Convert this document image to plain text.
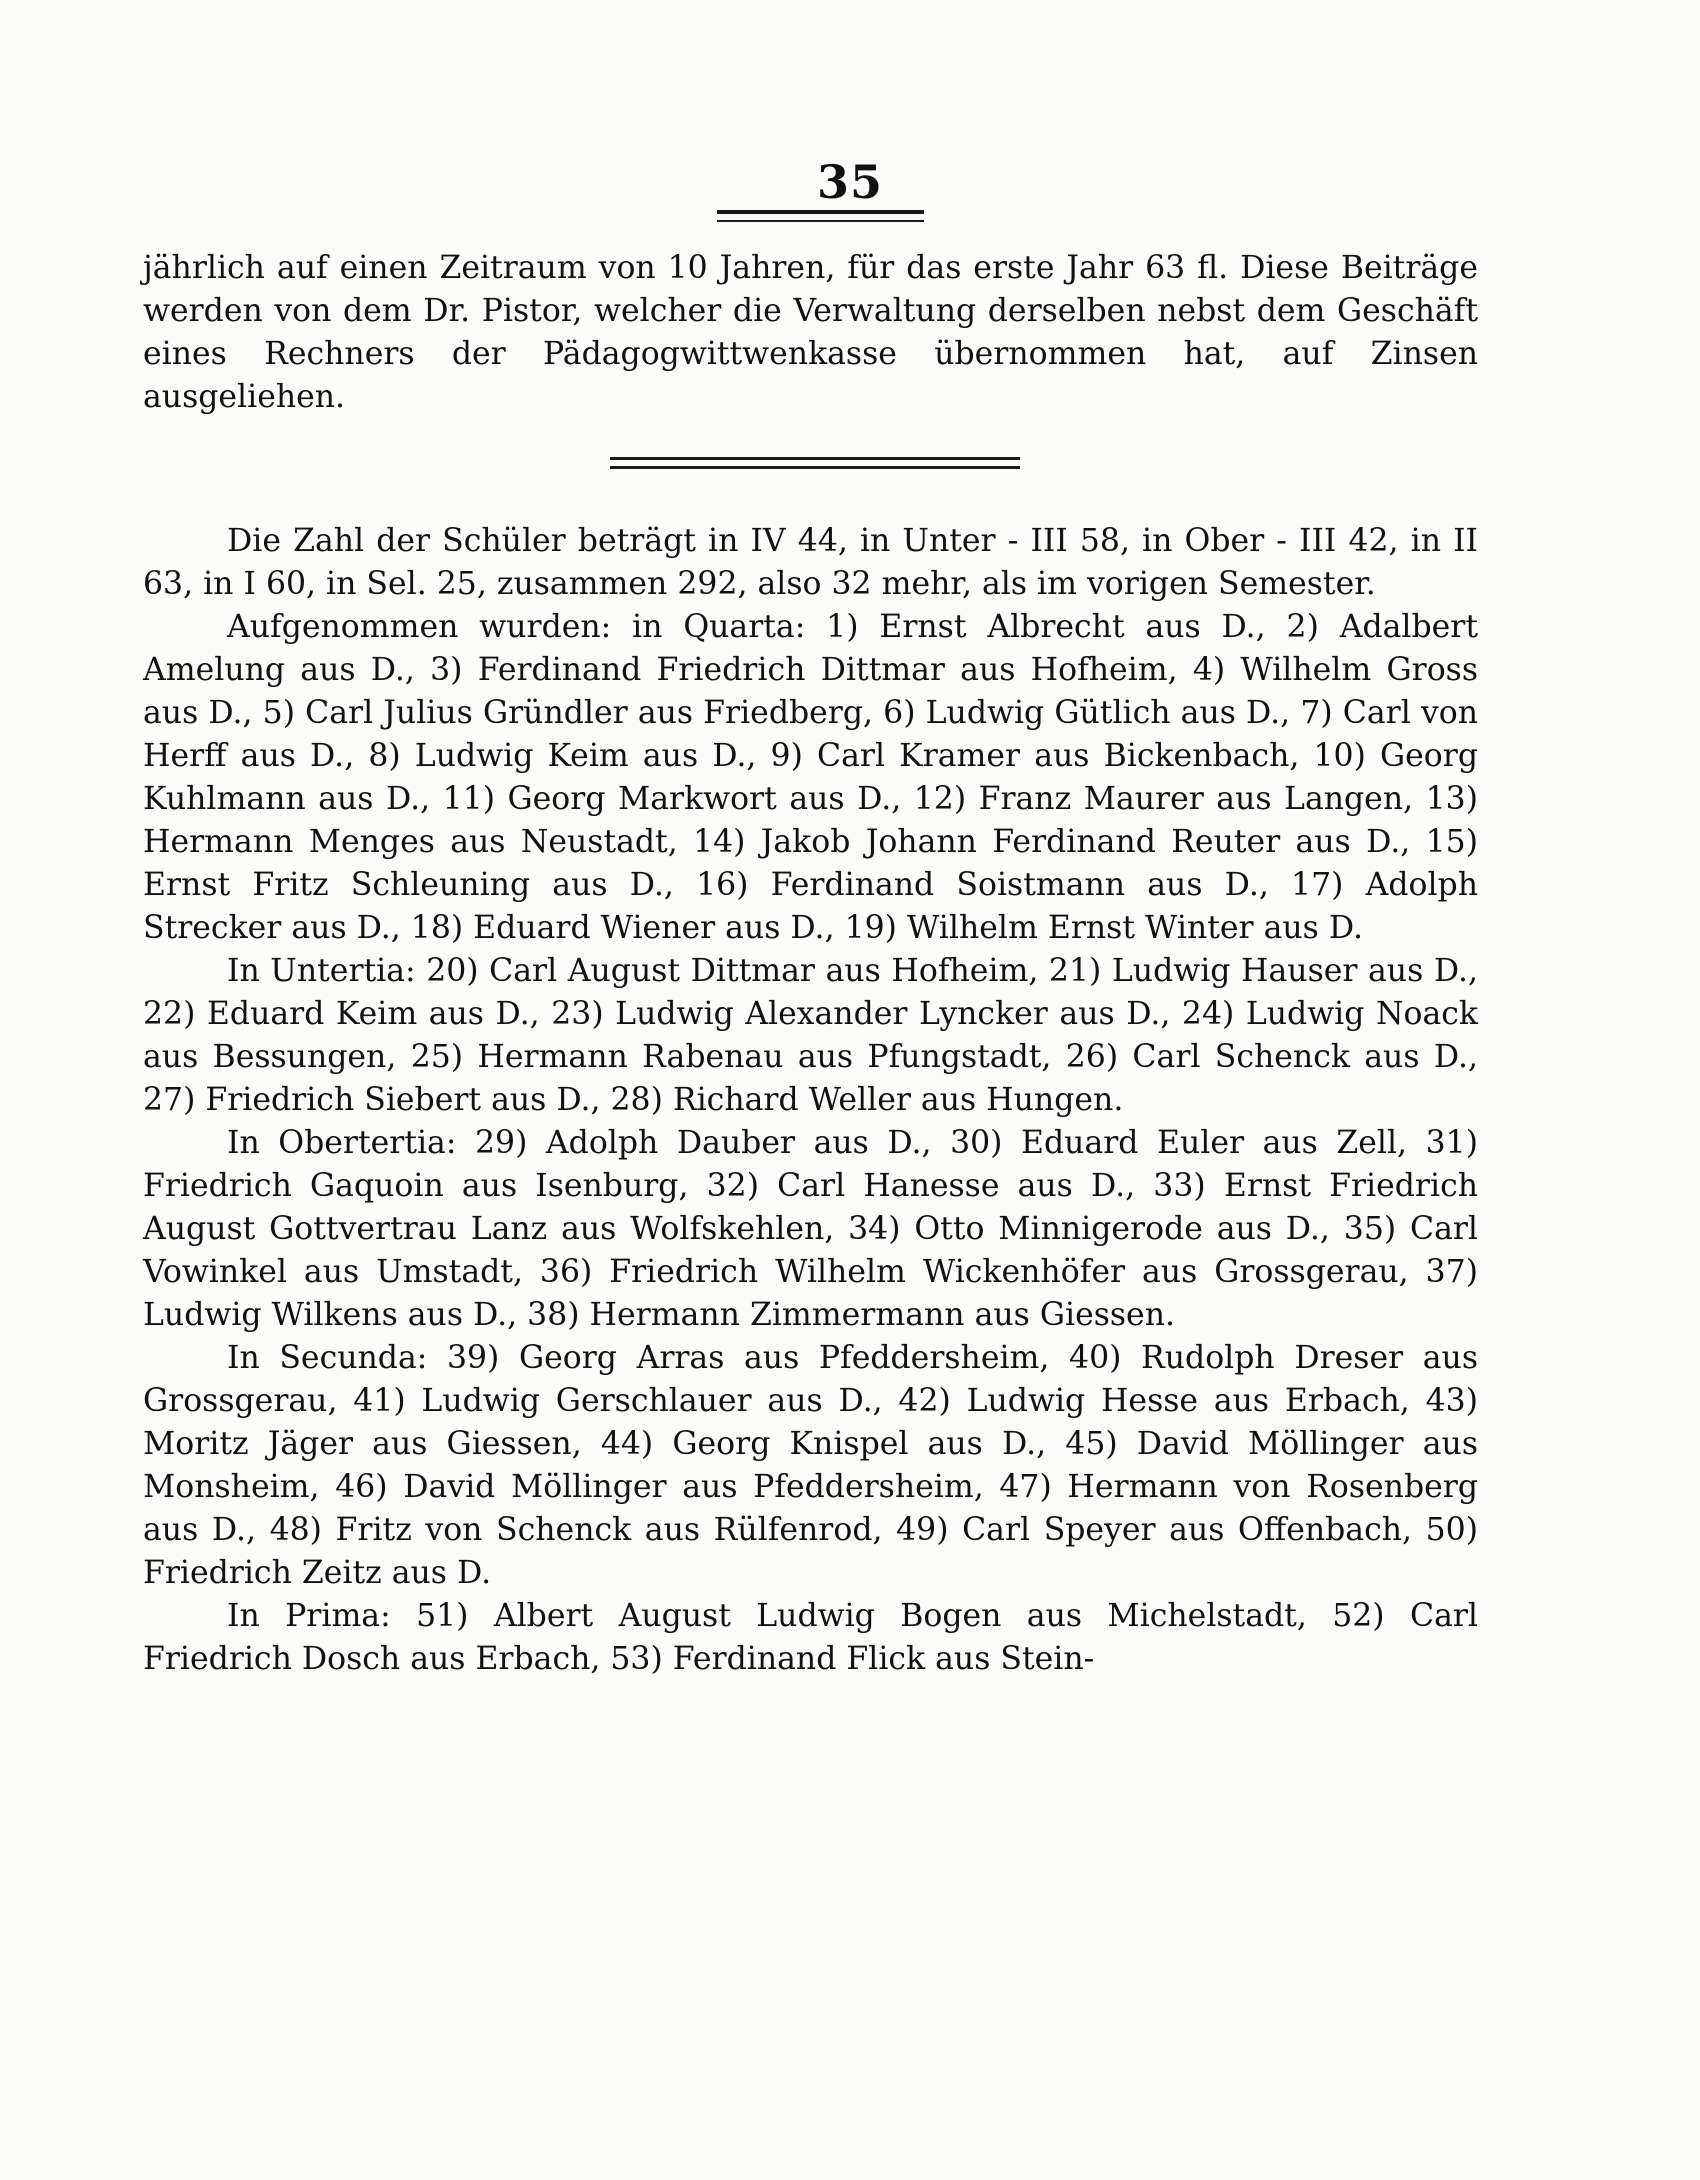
35

jährlich auf einen Zeitraum von 10 Jahren, für das erste Jahr 63 fl. Diese Beiträge werden von dem Dr. Pistor, welcher die Verwaltung derselben nebst dem Geschäft eines Rechners der Pädagogwittwenkasse übernommen hat, auf Zinsen ausgeliehen.

Die Zahl der Schüler beträgt in IV 44, in Unter - III 58, in Ober - III 42, in II 63, in I 60, in Sel. 25, zusammen 292, also 32 mehr, als im vorigen Semester.

Aufgenommen wurden: in Quarta: 1) Ernst Albrecht aus D., 2) Adalbert Amelung aus D., 3) Ferdinand Friedrich Dittmar aus Hofheim, 4) Wilhelm Gross aus D., 5) Carl Julius Gründler aus Friedberg, 6) Ludwig Gütlich aus D., 7) Carl von Herff aus D., 8) Ludwig Keim aus D., 9) Carl Kramer aus Bickenbach, 10) Georg Kuhlmann aus D., 11) Georg Markwort aus D., 12) Franz Maurer aus Langen, 13) Hermann Menges aus Neustadt, 14) Jakob Johann Ferdinand Reuter aus D., 15) Ernst Fritz Schleuning aus D., 16) Ferdinand Soistmann aus D., 17) Adolph Strecker aus D., 18) Eduard Wiener aus D., 19) Wilhelm Ernst Winter aus D.

In Untertia: 20) Carl August Dittmar aus Hofheim, 21) Ludwig Hauser aus D., 22) Eduard Keim aus D., 23) Ludwig Alexander Lyncker aus D., 24) Ludwig Noack aus Bessungen, 25) Hermann Rabenau aus Pfungstadt, 26) Carl Schenck aus D., 27) Friedrich Siebert aus D., 28) Richard Weller aus Hungen.

In Obertertia: 29) Adolph Dauber aus D., 30) Eduard Euler aus Zell, 31) Friedrich Gaquoin aus Isenburg, 32) Carl Hanesse aus D., 33) Ernst Friedrich August Gottvertrau Lanz aus Wolfskehlen, 34) Otto Minnigerode aus D., 35) Carl Vowinkel aus Umstadt, 36) Friedrich Wilhelm Wickenhöfer aus Grossgerau, 37) Ludwig Wilkens aus D., 38) Hermann Zimmermann aus Giessen.

In Secunda: 39) Georg Arras aus Pfeddersheim, 40) Rudolph Dreser aus Grossgerau, 41) Ludwig Gerschlauer aus D., 42) Ludwig Hesse aus Erbach, 43) Moritz Jäger aus Giessen, 44) Georg Knispel aus D., 45) David Möllinger aus Monsheim, 46) David Möllinger aus Pfeddersheim, 47) Hermann von Rosenberg aus D., 48) Fritz von Schenck aus Rülfenrod, 49) Carl Speyer aus Offenbach, 50) Friedrich Zeitz aus D.

In Prima: 51) Albert August Ludwig Bogen aus Michelstadt, 52) Carl Friedrich Dosch aus Erbach, 53) Ferdinand Flick aus Stein-
